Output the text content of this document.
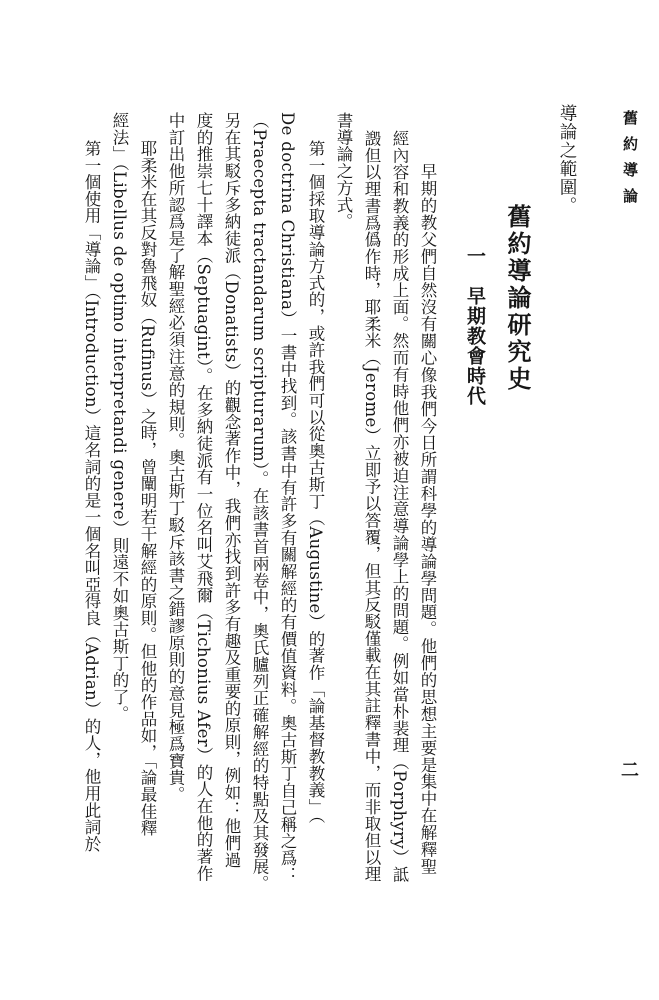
舊約導論
二
導論之範圍。
舊約導論研究史
一　早期教會時代
早期的教父們自然沒有關心像我們今日所謂科學的導論學問題。他們的思想主要是集中在解釋聖
經內容和教義的形成上面。然而有時他們亦被迫注意導論學上的問題。例如當朴裴理（Porphyry）詆
譭但以理書爲僞作時，耶柔米（Jerome）立即予以答覆，但其反駁僅載在其註釋書中，而非取但以理
書導論之方式。
第一個採取導論方式的，或許我們可以從奧古斯丁（Augustine）的著作「論基督教教義」（
De doctrina Christiana）一書中找到。該書中有許多有關解經的有價值資料。奧古斯丁自己稱之爲：
（Praecepta tractandarum scripturarum）。在該書首兩卷中，奧氏臚列正確解經的特點及其發展。
另在其駁斥多納徒派（Donatists）的觀念著作中，我們亦找到許多有趣及重要的原則，例如：他們過
度的推崇七十譯本（Septuagint）。在多納徒派有一位名叫艾飛爾（Tichonius Afer）的人在他的著作
中訂出他所認爲是了解聖經必須注意的規則。奧古斯丁駁斥該書之錯謬原則的意見極爲寶貴。
耶柔米在其反對魯飛奴（Rufinus）之時，曾闡明若干解經的原則。但他的作品如，「論最佳釋
經法」（Libellus de optimo interpretandi genere）則遠不如奧古斯丁的了。
第一個使用「導論」（Introduction）這名詞的是一個名叫亞得良（Adrian）的人，他用此詞於
